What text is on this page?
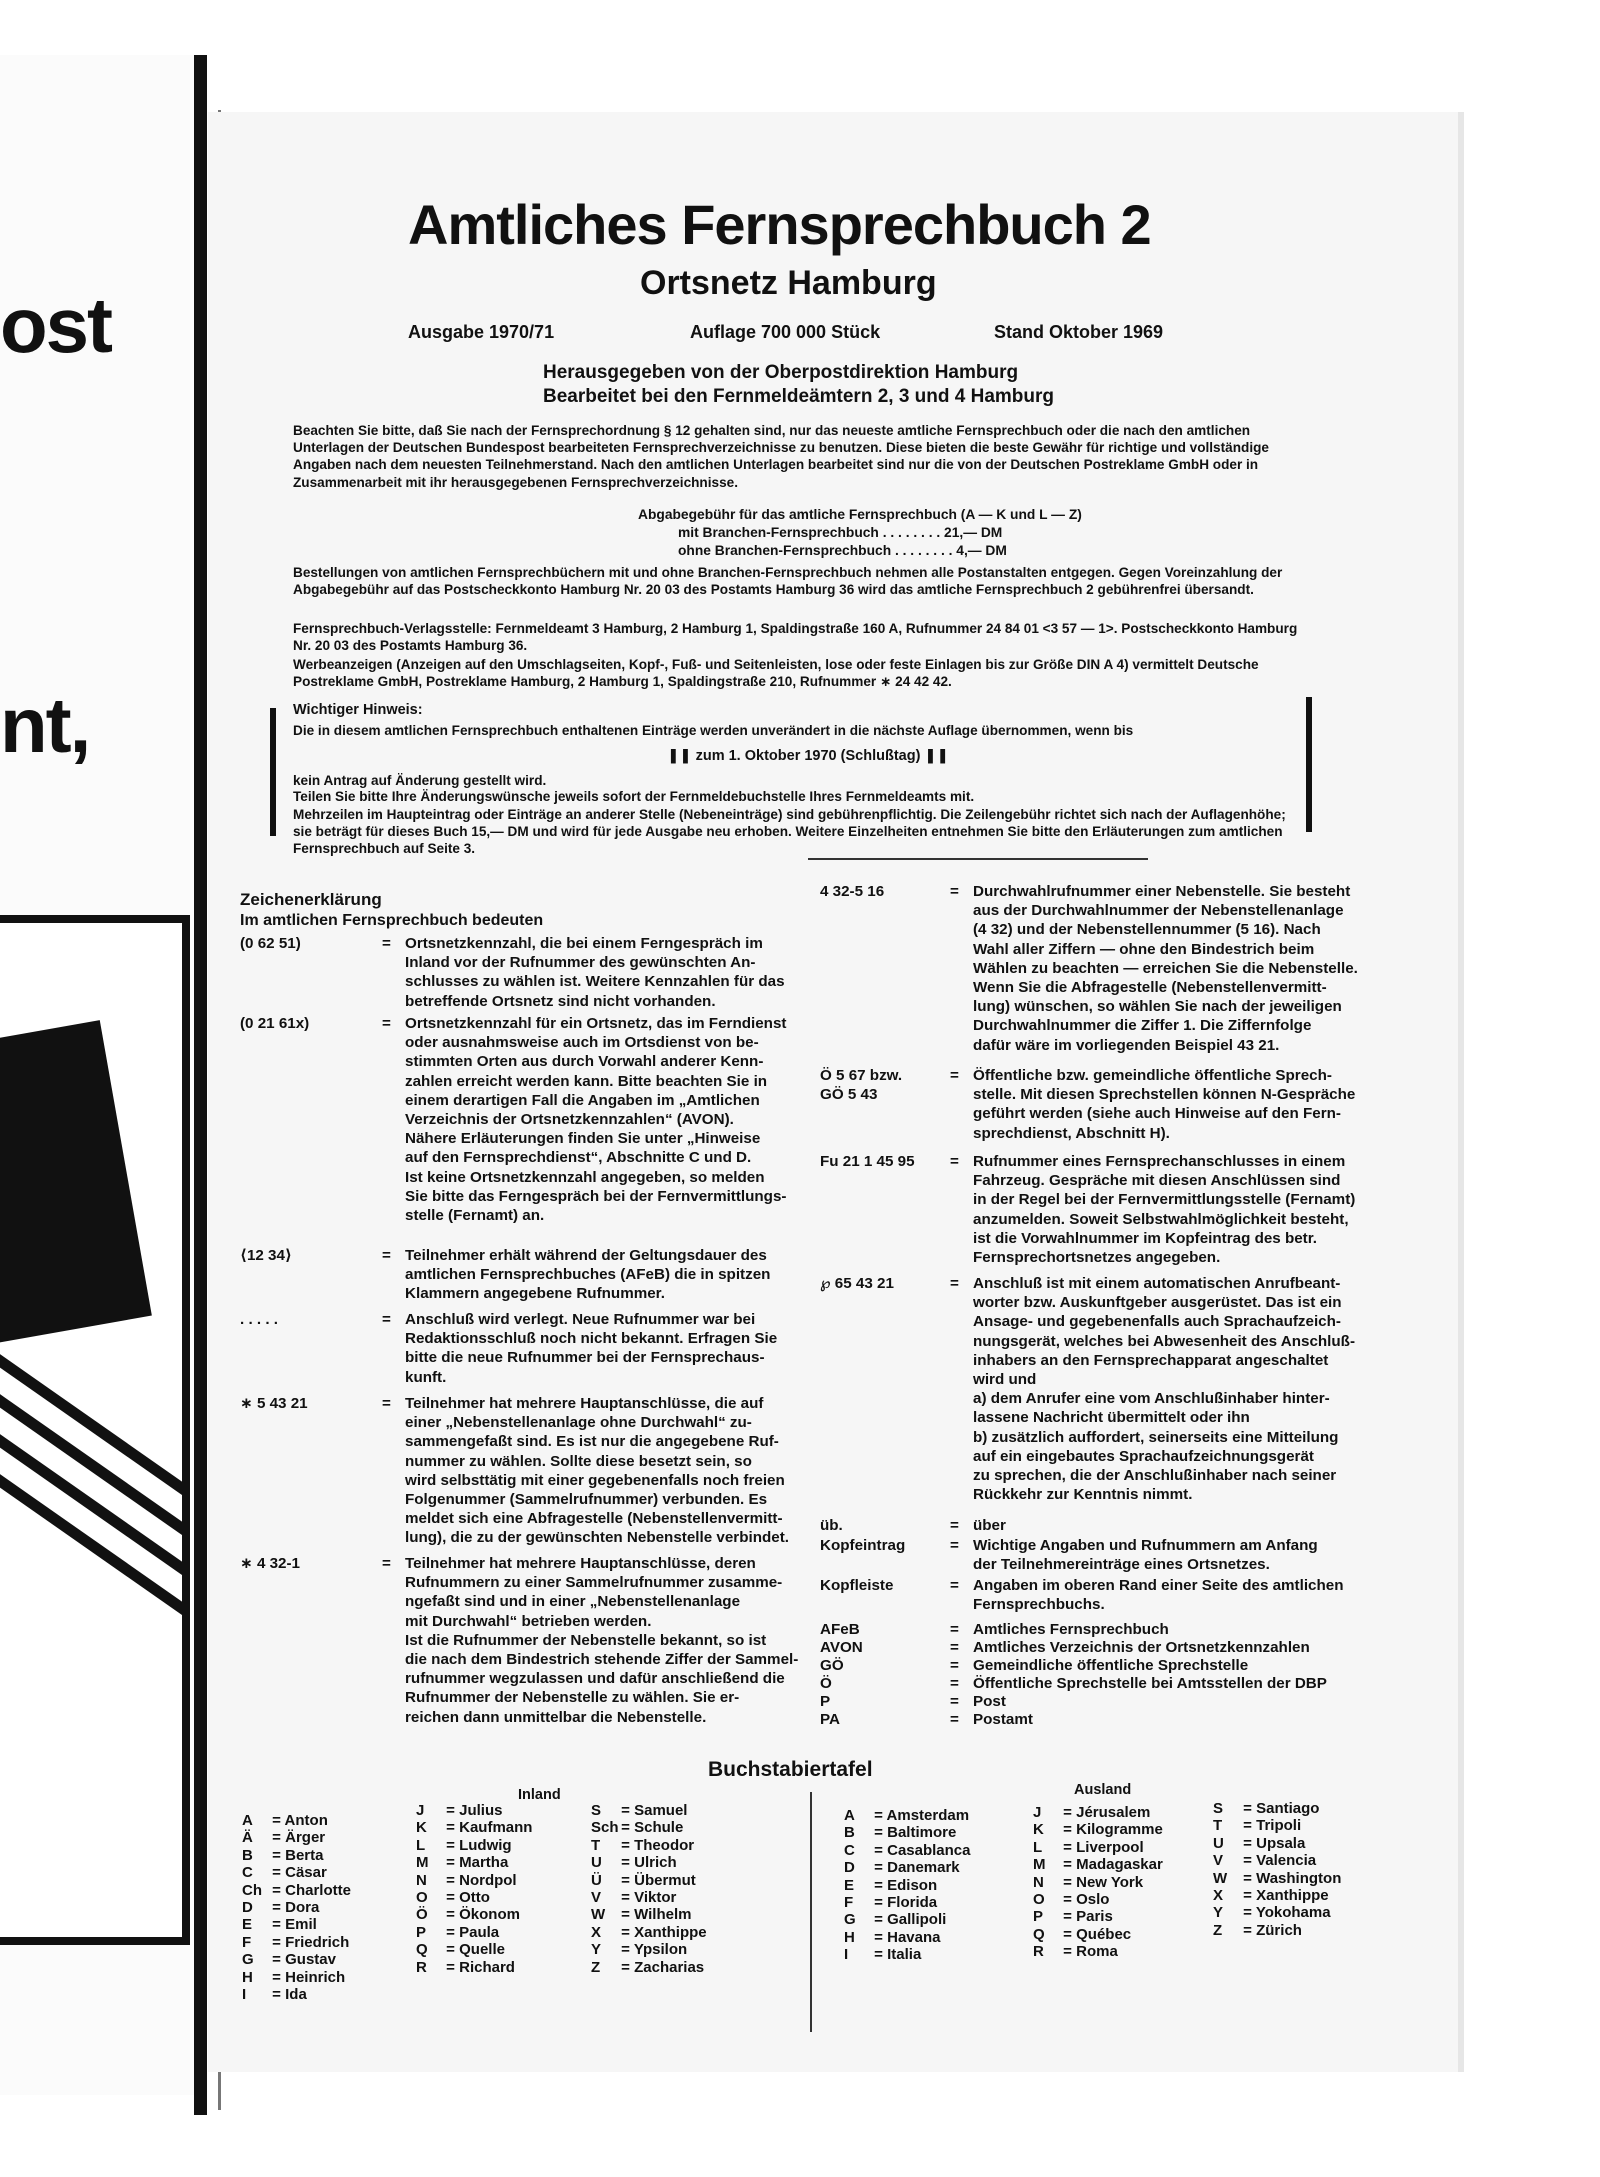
ost
nt,
Amtliches Fernsprechbuch 2
Ortsnetz Hamburg
Ausgabe 1970/71	Auflage 700 000 Stück	Stand Oktober 1969
Herausgegeben von der Oberpostdirektion Hamburg
Bearbeitet bei den Fernmeldeämtern 2, 3 und 4 Hamburg
Beachten Sie bitte, daß Sie nach der Fernsprechordnung § 12 gehalten sind, nur das neueste amtliche Fernsprechbuch oder die nach den amtlichen Unterlagen der Deutschen Bundespost bearbeiteten Fernsprechverzeichnisse zu benutzen. Diese bieten die beste Gewähr für richtige und vollständige Angaben nach dem neuesten Teilnehmerstand. Nach den amtlichen Unterlagen bearbeitet sind nur die von der Deutschen Postreklame GmbH oder in Zusammenarbeit mit ihr herausgegebenen Fernsprechverzeichnisse.
Abgabegebühr für das amtliche Fernsprechbuch (A — K und L — Z)
mit Branchen-Fernsprechbuch . . . . . . . . 21,— DM
ohne Branchen-Fernsprechbuch . . . . . . . . 4,— DM
Bestellungen von amtlichen Fernsprechbüchern mit und ohne Branchen-Fernsprechbuch nehmen alle Postanstalten entgegen. Gegen Voreinzahlung der Abgabegebühr auf das Postscheckkonto Hamburg Nr. 20 03 des Postamts Hamburg 36 wird das amtliche Fernsprechbuch 2 gebührenfrei übersandt.
Fernsprechbuch-Verlagsstelle: Fernmeldeamt 3 Hamburg, 2 Hamburg 1, Spaldingstraße 160 A, Rufnummer 24 84 01 <3 57 — 1>. Postscheckkonto Hamburg Nr. 20 03 des Postamts Hamburg 36.
Werbeanzeigen (Anzeigen auf den Umschlagseiten, Kopf-, Fuß- und Seitenleisten, lose oder feste Einlagen bis zur Größe DIN A 4) vermittelt Deutsche Postreklame GmbH, Postreklame Hamburg, 2 Hamburg 1, Spaldingstraße 210, Rufnummer ∗ 24 42 42.
Wichtiger Hinweis:
Die in diesem amtlichen Fernsprechbuch enthaltenen Einträge werden unverändert in die nächste Auflage übernommen, wenn bis
❚❚ zum 1. Oktober 1970 (Schlußtag) ❚❚
kein Antrag auf Änderung gestellt wird.
Teilen Sie bitte Ihre Änderungswünsche jeweils sofort der Fernmeldebuchstelle Ihres Fernmeldeamts mit.
Mehrzeilen im Haupteintrag oder Einträge an anderer Stelle (Nebeneinträge) sind gebührenpflichtig. Die Zeilengebühr richtet sich nach der Auflagenhöhe; sie beträgt für dieses Buch 15,— DM und wird für jede Ausgabe neu erhoben. Weitere Einzelheiten entnehmen Sie bitte den Erläuterungen zum amtlichen Fernsprechbuch auf Seite 3.
Zeichenerklärung
Im amtlichen Fernsprechbuch bedeuten
(0 62 51)	= Ortsnetzkennzahl, die bei einem Ferngespräch im
Inland vor der Rufnummer des gewünschten An-
schlusses zu wählen ist. Weitere Kennzahlen für das
betreffende Ortsnetz sind nicht vorhanden.
(0 21 61x)	= Ortsnetzkennzahl für ein Ortsnetz, das im Ferndienst
oder ausnahmsweise auch im Ortsdienst von be-
stimmten Orten aus durch Vorwahl anderer Kenn-
zahlen erreicht werden kann. Bitte beachten Sie in
einem derartigen Fall die Angaben im „Amtlichen
Verzeichnis der Ortsnetzkennzahlen“ (AVON).
Nähere Erläuterungen finden Sie unter „Hinweise
auf den Fernsprechdienst“, Abschnitte C und D.
Ist keine Ortsnetzkennzahl angegeben, so melden
Sie bitte das Ferngespräch bei der Fernvermittlungs-
stelle (Fernamt) an.
⟨12 34⟩	= Teilnehmer erhält während der Geltungsdauer des
amtlichen Fernsprechbuches (AFeB) die in spitzen
Klammern angegebene Rufnummer.
. . . . .	= Anschluß wird verlegt. Neue Rufnummer war bei
Redaktionsschluß noch nicht bekannt. Erfragen Sie
bitte die neue Rufnummer bei der Fernsprechaus-
kunft.
∗ 5 43 21	= Teilnehmer hat mehrere Hauptanschlüsse, die auf
einer „Nebenstellenanlage ohne Durchwahl“ zu-
sammengefaßt sind. Es ist nur die angegebene Ruf-
nummer zu wählen. Sollte diese besetzt sein, so
wird selbsttätig mit einer gegebenenfalls noch freien
Folgenummer (Sammelrufnummer) verbunden. Es
meldet sich eine Abfragestelle (Nebenstellenvermitt-
lung), die zu der gewünschten Nebenstelle verbindet.
∗ 4 32-1	= Teilnehmer hat mehrere Hauptanschlüsse, deren
Rufnummern zu einer Sammelrufnummer zusamme-
ngefaßt sind und in einer „Nebenstellenanlage
mit Durchwahl“ betrieben werden.
Ist die Rufnummer der Nebenstelle bekannt, so ist
die nach dem Bindestrich stehende Ziffer der Sammel-
rufnummer wegzulassen und dafür anschließend die
Rufnummer der Nebenstelle zu wählen. Sie er-
reichen dann unmittelbar die Nebenstelle.
4 32-5 16	= Durchwahlrufnummer einer Nebenstelle. Sie besteht
aus der Durchwahlnummer der Nebenstellenanlage
(4 32) und der Nebenstellennummer (5 16). Nach
Wahl aller Ziffern — ohne den Bindestrich beim
Wählen zu beachten — erreichen Sie die Nebenstelle.
Wenn Sie die Abfragestelle (Nebenstellenvermitt-
lung) wünschen, so wählen Sie nach der jeweiligen
Durchwahlnummer die Ziffer 1. Die Ziffernfolge
dafür wäre im vorliegenden Beispiel 43 21.
Ö 5 67 bzw.
GÖ 5 43
= Öffentliche bzw. gemeindliche öffentliche Sprech-
stelle. Mit diesen Sprechstellen können N-Gespräche
geführt werden (siehe auch Hinweise auf den Fern-
sprechdienst, Abschnitt H).
Fu 21 1 45 95 = Rufnummer eines Fernsprechanschlusses in einem
Fahrzeug. Gespräche mit diesen Anschlüssen sind
in der Regel bei der Fernvermittlungsstelle (Fernamt)
anzumelden. Soweit Selbstwahlmöglichkeit besteht,
ist die Vorwahlnummer im Kopfeintrag des betr.
Fernsprechortsnetzes angegeben.
℘ 65 43 21	= Anschluß ist mit einem automatischen Anrufbeant-
worter bzw. Auskunftgeber ausgerüstet. Das ist ein
Ansage- und gegebenenfalls auch Sprachaufzeich-
nungsgerät, welches bei Abwesenheit des Anschluß-
inhabers an den Fernsprechapparat angeschaltet
wird und
a) dem Anrufer eine vom Anschlußinhaber hinter-
lassene Nachricht übermittelt oder ihn
b) zusätzlich auffordert, seinerseits eine Mitteilung
auf ein eingebautes Sprachaufzeichnungsgerät
zu sprechen, die der Anschlußinhaber nach seiner
Rückkehr zur Kenntnis nimmt.
üb.	= über
Kopfeintrag	= Wichtige Angaben und Rufnummern am Anfang
der Teilnehmereinträge eines Ortsnetzes.
Kopfleiste	= Angaben im oberen Rand einer Seite des amtlichen
Fernsprechbuchs.
AFeB	= Amtliches Fernsprechbuch
AVON	= Amtliches Verzeichnis der Ortsnetzkennzahlen
GÖ	= Gemeindliche öffentliche Sprechstelle
Ö	= Öffentliche Sprechstelle bei Amtsstellen der DBP
P	= Post
PA	= Postamt
Buchstabiertafel
Inland	Ausland
A = Anton
Ä = Ärger
B = Berta
C = Cäsar
Ch = Charlotte
D = Dora
E = Emil
F = Friedrich
G = Gustav
H = Heinrich
I = Ida
J = Julius
K = Kaufmann
L = Ludwig
M = Martha
N = Nordpol
O = Otto
Ö = Ökonom
P = Paula
Q = Quelle
R = Richard
S = Samuel
Sch = Schule
T = Theodor
U = Ulrich
Ü = Übermut
V = Viktor
W = Wilhelm
X = Xanthippe
Y = Ypsilon
Z = Zacharias
A = Amsterdam
B = Baltimore
C = Casablanca
D = Danemark
E = Edison
F = Florida
G = Gallipoli
H = Havana
I = Italia
J = Jérusalem
K = Kilogramme
L = Liverpool
M = Madagaskar
N = New York
O = Oslo
P = Paris
Q = Québec
R = Roma
S = Santiago
T = Tripoli
U = Upsala
V = Valencia
W = Washington
X = Xanthippe
Y = Yokohama
Z = Zürich
